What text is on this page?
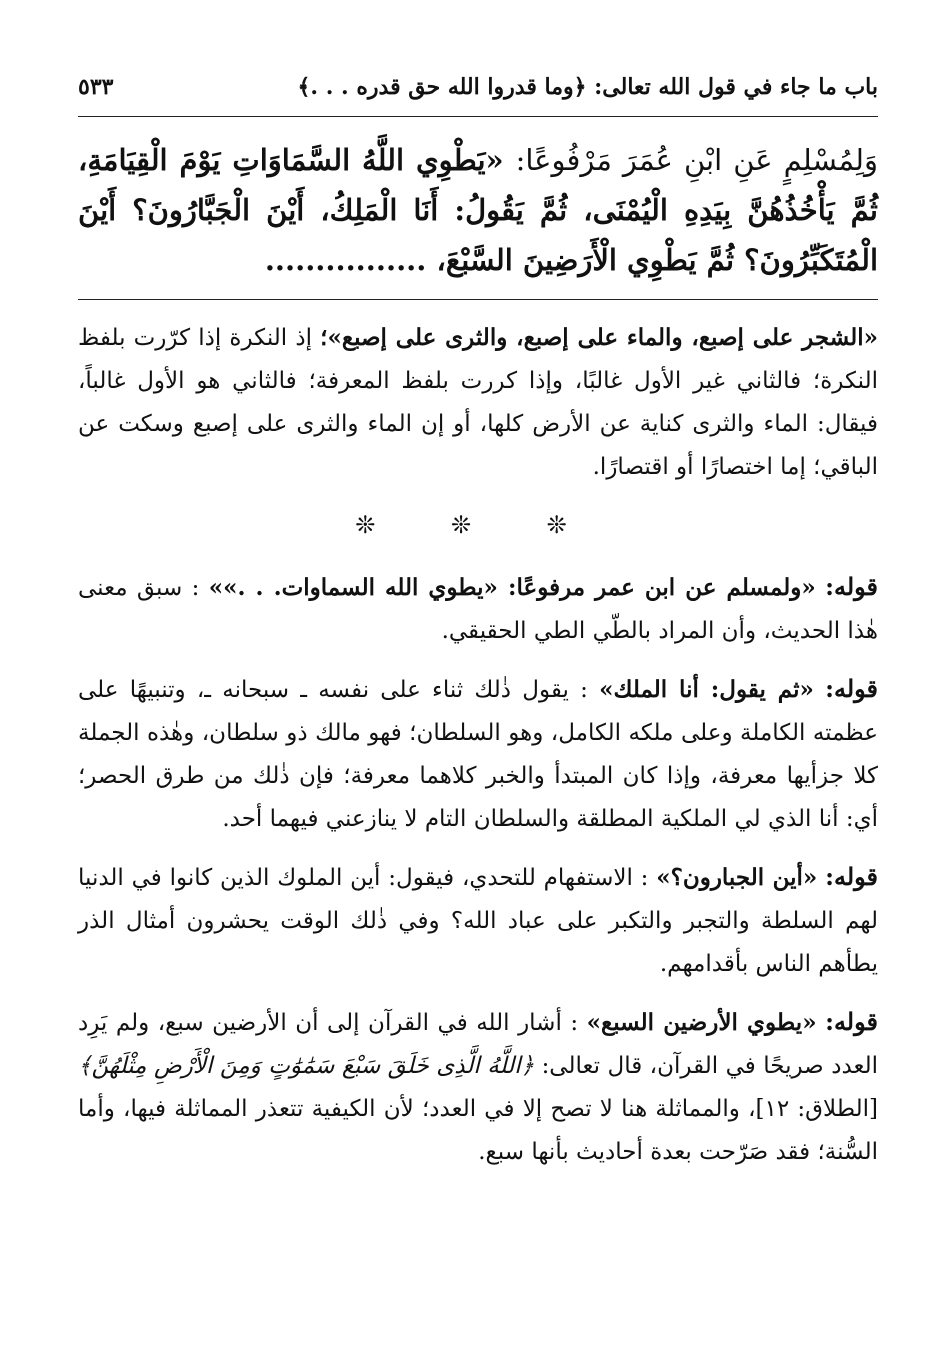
باب ما جاء في قول الله تعالى: ﴿وما قدروا الله حق قدره . . .﴾
٥٣٣
وَلِمُسْلِمٍ عَنِ ابْنِ عُمَرَ مَرْفُوعًا: «يَطْوِي اللَّهُ السَّمَاوَاتِ يَوْمَ الْقِيَامَةِ، ثُمَّ يَأْخُذُهُنَّ بِيَدِهِ الْيُمْنَى، ثُمَّ يَقُولُ: أَنَا الْمَلِكُ، أَيْنَ الْجَبَّارُونَ؟ أَيْنَ الْمُتَكَبِّرُونَ؟ ثُمَّ يَطْوِي الْأَرَضِينَ السَّبْعَ، ................
«الشجر على إصبع، والماء على إصبع، والثرى على إصبع»؛ إذ النكرة إذا كرّرت بلفظ النكرة؛ فالثاني غير الأول غالبًا، وإذا كررت بلفظ المعرفة؛ فالثاني هو الأول غالباً، فيقال: الماء والثرى كناية عن الأرض كلها، أو إن الماء والثرى على إصبع وسكت عن الباقي؛ إما اختصارًا أو اقتصارًا.
❊ ❊ ❊

قوله: «ولمسلم عن ابن عمر مرفوعًا: «يطوي الله السماوات. . .»» : سبق معنى هٰذا الحديث، وأن المراد بالطّي الطي الحقيقي.

قوله: «ثم يقول: أنا الملك» : يقول ذٰلك ثناء على نفسه ـ سبحانه ـ، وتنبيهًا على عظمته الكاملة وعلى ملكه الكامل، وهو السلطان؛ فهو مالك ذو سلطان، وهٰذه الجملة كلا جزأيها معرفة، وإذا كان المبتدأ والخبر كلاهما معرفة؛ فإن ذٰلك من طرق الحصر؛ أي: أنا الذي لي الملكية المطلقة والسلطان التام لا ينازعني فيهما أحد.

قوله: «أين الجبارون؟» : الاستفهام للتحدي، فيقول: أين الملوك الذين كانوا في الدنيا لهم السلطة والتجبر والتكبر على عباد الله؟ وفي ذٰلك الوقت يحشرون أمثال الذر يطأهم الناس بأقدامهم.

قوله: «يطوي الأرضين السبع» : أشار الله في القرآن إلى أن الأرضين سبع، ولم يَرِد العدد صريحًا في القرآن، قال تعالى: ﴿اللَّهُ الَّذِى خَلَقَ سَبْعَ سَمَٰوَٰتٍ وَمِنَ الْأَرْضِ مِثْلَهُنَّ﴾ [الطلاق: ١٢]، والمماثلة هنا لا تصح إلا في العدد؛ لأن الكيفية تتعذر المماثلة فيها، وأما السُّنة؛ فقد صَرّحت بعدة أحاديث بأنها سبع.
